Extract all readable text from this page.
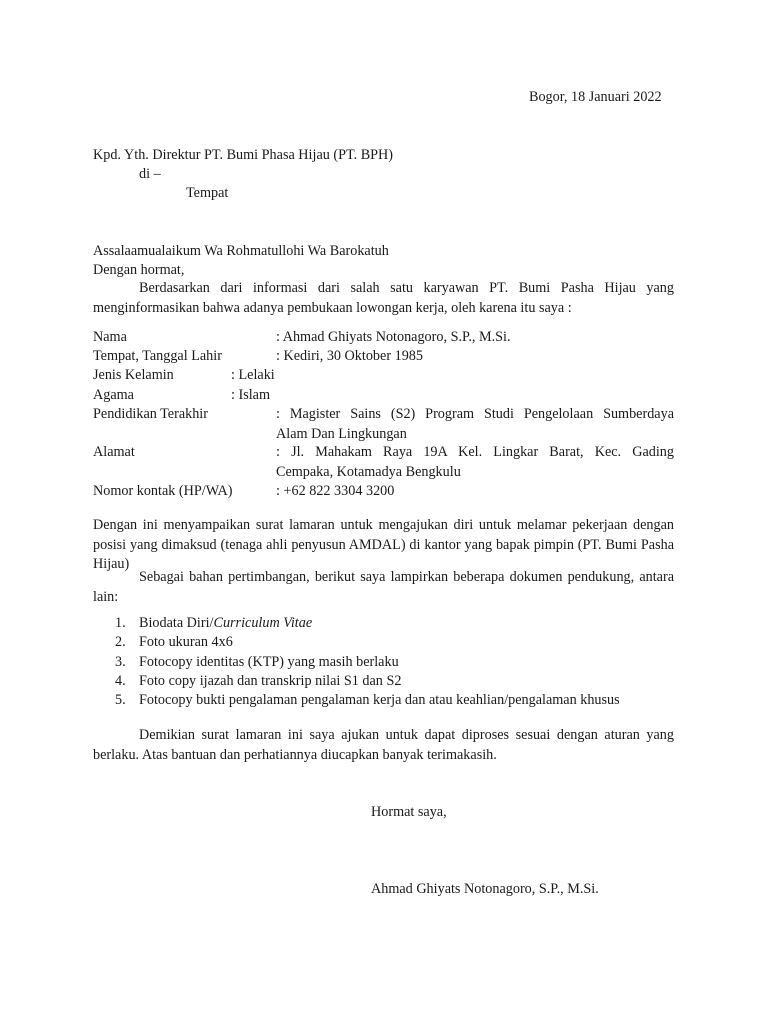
Bogor, 18 Januari 2022
Kpd. Yth. Direktur PT. Bumi Phasa Hijau (PT. BPH)
di –
Tempat
Assalaamualaikum Wa Rohmatullohi Wa Barokatuh
Dengan hormat,
Berdasarkan dari informasi dari salah satu karyawan PT. Bumi Pasha Hijau yang menginformasikan bahwa adanya pembukaan lowongan kerja, oleh karena itu saya :
Nama	: Ahmad Ghiyats Notonagoro, S.P., M.Si.
Tempat, Tanggal Lahir	: Kediri, 30 Oktober 1985
Jenis Kelamin	: Lelaki
Agama	: Islam
Pendidikan Terakhir	: Magister Sains (S2) Program Studi Pengelolaan Sumberdaya
Alam Dan Lingkungan
Alamat	: Jl. Mahakam Raya 19A Kel. Lingkar Barat, Kec. Gading
Cempaka, Kotamadya Bengkulu
Nomor kontak (HP/WA)	: +62 822 3304 3200
Dengan ini menyampaikan surat lamaran untuk mengajukan diri untuk melamar pekerjaan dengan posisi yang dimaksud (tenaga ahli penyusun AMDAL) di kantor yang bapak pimpin (PT. Bumi Pasha Hijau)
Sebagai bahan pertimbangan, berikut saya lampirkan beberapa dokumen pendukung, antara lain:
1. Biodata Diri/Curriculum Vitae
2. Foto ukuran 4x6
3. Fotocopy identitas (KTP) yang masih berlaku
4. Foto copy ijazah dan transkrip nilai S1 dan S2
5. Fotocopy bukti pengalaman pengalaman kerja dan atau keahlian/pengalaman khusus
Demikian surat lamaran ini saya ajukan untuk dapat diproses sesuai dengan aturan yang berlaku. Atas bantuan dan perhatiannya diucapkan banyak terimakasih.
Hormat saya,
Ahmad Ghiyats Notonagoro, S.P., M.Si.
